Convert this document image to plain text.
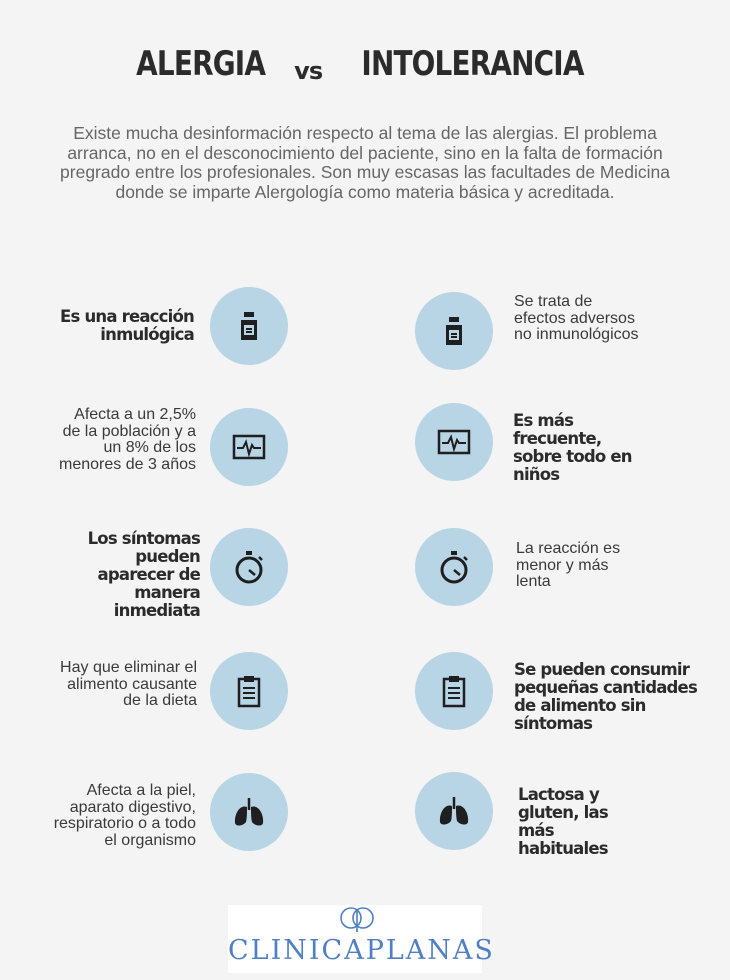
ALERGIA vs INTOLERANCIA
Existe mucha desinformación respecto al tema de las alergias. El problema arranca, no en el desconocimiento del paciente, sino en la falta de formación pregrado entre los profesionales. Son muy escasas las facultades de Medicina donde se imparte Alergología como materia básica y acreditada.
Es una reacción inmulógica
Se trata de efectos adversos no inmunológicos
Afecta a un 2,5% de la población y a un 8% de los menores de 3 años
Es más frecuente, sobre todo en niños
Los síntomas pueden aparecer de manera inmediata
La reacción es menor y más lenta
Hay que eliminar el alimento causante de la dieta
Se pueden consumir pequeñas cantidades de alimento sin síntomas
Afecta a la piel, aparato digestivo, respiratorio o a todo el organismo
Lactosa y gluten, las más habituales
CLINICAPLANAS
